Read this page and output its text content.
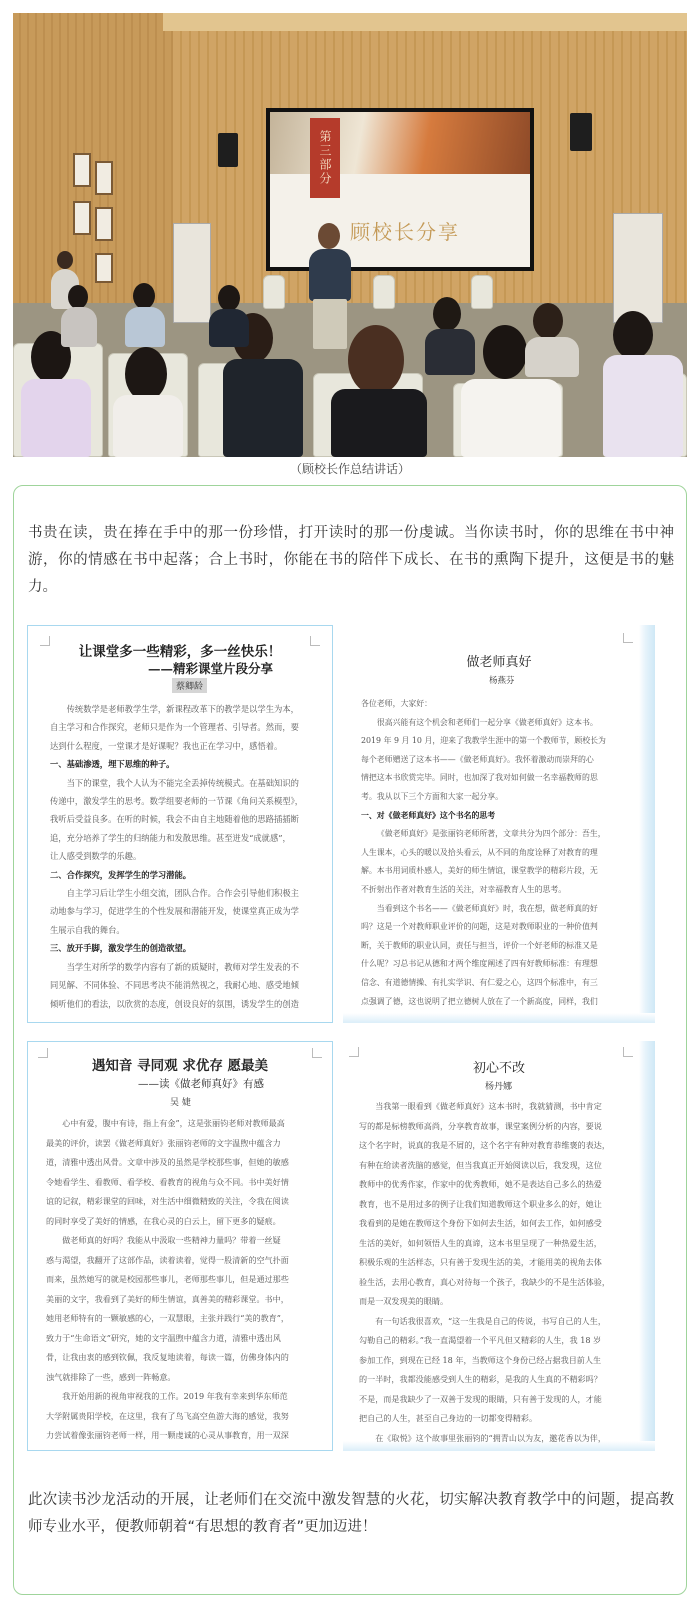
第三部分
顾校长分享
（顾校长作总结讲话）

书贵在读，贵在捧在手中的那一份珍惜，打开读时的那一份虔诚。当你读书时，你的思维在书中神游，你的情感在书中起落；合上书时，你能在书的陪伴下成长、在书的熏陶下提升，这便是书的魅力。

让课堂多一些精彩，多一丝快乐！
——精彩课堂片段分享
蔡卿龄

传统数学是老师教学生学，新课程改革下的教学是以学生为本，

自主学习和合作探究，老师只是作为一个管理者、引导者。然而，要

达到什么程度，一堂课才是好课呢？我也正在学习中，感悟着。

一、基础渗透，埋下思维的种子。

当下的课堂，我个人认为不能完全丢掉传统模式。在基础知识的

传递中，激发学生的思考。数学组要老师的一节课《角问关系模型》，

我听后受益良多。在听的时候，我会不由自主地随着他的思路插插断

追，充分培养了学生的归纳能力和发散思维。甚至迸发“成就感”，

让人感受到数学的乐趣。

二、合作探究，发挥学生的学习潜能。

自主学习后让学生小组交流，团队合作。合作会引导他们积极主

动地参与学习，促进学生的个性发展和潜能开发，使课堂真正成为学

生展示自我的舞台。

三、放开手脚，激发学生的创造欲望。

当学生对所学的数学内容有了新的质疑时，教师对学生发表的不

同见解、不同体验、不同思考决不能消然视之，我耐心地、感受地倾

倾听他们的看法，以欣赏的态度，创设良好的氛围，诱发学生的创造

做老师真好
杨燕芬

各位老师，大家好：

很高兴能有这个机会和老师们一起分享《做老师真好》这本书。

2019 年 9 月 10 月，迎来了我教学生涯中的第一个教师节，顾校长为

每个老师赠送了这本书——《做老师真好》。我怀着激动而崇拜的心

情把这本书欣赏完毕。同时，也加深了我对如何做一名幸福教师的思

考。我从以下三个方面和大家一起分享。

一、对《做老师真好》这个书名的思考

《做老师真好》是张丽钧老师所著，文章共分为四个部分：吾生，

人生课本，心头的暖以及拾头看云，从不同的角度诠释了对教育的理

解。本书用词质朴感人，美好的师生情谊，课堂教学的精彩片段，无

不折射出作者对教育生活的关注，对幸福教育人生的思考。

当看到这个书名——《做老师真好》时，我在想，做老师真的好

吗？这是一个对教师职业评价的问题，这是对教师职业的一种价值判

断，关于教师的职业认同，责任与担当，评价一个好老师的标准又是

什么呢？习总书记从德和才两个维度阐述了四有好教师标准：有理想

信念、有道德情操、有扎实学识、有仁爱之心，这四个标准中，有三

点强调了德，这也说明了把立德树人放在了一个新高度，同样，我们

遇知音 寻同观 求优存 愿最美
——读《做老师真好》有感
吴 婕

心中有爱，腹中有诗，指上有金”，这是张丽钧老师对教师最高

最美的评价，读罢《做老师真好》张丽钧老师的文字温煦中蕴含力

道，清雅中透出风骨。文章中涉及的虽然是学校那些事，但她的敏感

令她看学生、看教师、看学校、看教育的视角与众不同。书中美好情

谊的记叙，精彩课堂的回味，对生活中细微精致的关注，令我在阅读

的同时享受了美好的情感，在我心灵的白云上，留下更多的疑痕。

做老师真的好吗？我能从中汲取一些精神力量吗？带着一丝疑

惑与渴望，我翻开了这部作品，读着读着，觉得一股清新的空气扑面

而来，虽然她写的就是校园那些事儿，老师那些事儿，但是通过那些

美丽的文字，我看到了美好的师生情谊，真善美的精彩课堂。书中，

她用老师特有的一颗敏感的心，一双慧眼，主张并践行“美的教育”，

致力于“生命语文”研究，她的文字温煦中蕴含力道，清雅中透出风

骨，让我由衷的感到钦佩，我反复地读着，每读一篇，仿佛身体内的

浊气就排除了一些，感到一阵畅意。

我开始用新的视角审视我的工作。2019 年我有幸来到华东师范

大学附属贵阳学校，在这里，我有了鸟飞高空鱼游大海的感觉，我努

力尝试着像张丽钧老师一样，用一颗虔诚的心灵从事教育，用一双深

初心不改
杨丹娜

当我第一眼看到《做老师真好》这本书时，我就猜测，书中肯定

写的都是标榜教师高尚，分享教育故事，课堂案例分析的内容，要说

这个名字时，说真的我是不屑的，这个名字有种对教育恭维褒的表达，

有种在给读者洗脑的感觉，但当我真正开始阅读以后，我发现，这位

教师中的优秀作家，作家中的优秀教师，她不是表达自己多么的热爱

教育，也不是用过多的例子让我们知道教师这个职业多么的好，她让

我看到的是她在教师这个身份下如何去生活，如何去工作，如何感受

生活的美好，如何领悟人生的真谛，这本书里呈现了一种热爱生活，

积极乐观的生活样态，只有善于发现生活的美，才能用美的视角去体

验生活，去用心教育，真心对待每一个孩子，我缺少的不是生活体验，

而是一双发现美的眼睛。

有一句话我很喜欢，“这一生我是自己的传说，书写自己的人生，

勾勒自己的精彩。”我一直渴望着一个平凡但又精彩的人生，我 18 岁

参加工作，到现在已经 18 年，当教师这个身份已经占据我目前人生

的一半时，我都没能感受到人生的精彩，是我的人生真的不精彩吗？

不是，而是我缺少了一双善于发现的眼睛，只有善于发现的人，才能

把自己的人生，甚至自己身边的一切都变得精彩。

在《取悦》这个故事里张丽钧的“拥青山以为友，邀花香以为伴，

此次读书沙龙活动的开展，让老师们在交流中激发智慧的火花，切实解决教育教学中的问题，提高教师专业水平，便教师朝着“有思想的教育者”更加迈进！
